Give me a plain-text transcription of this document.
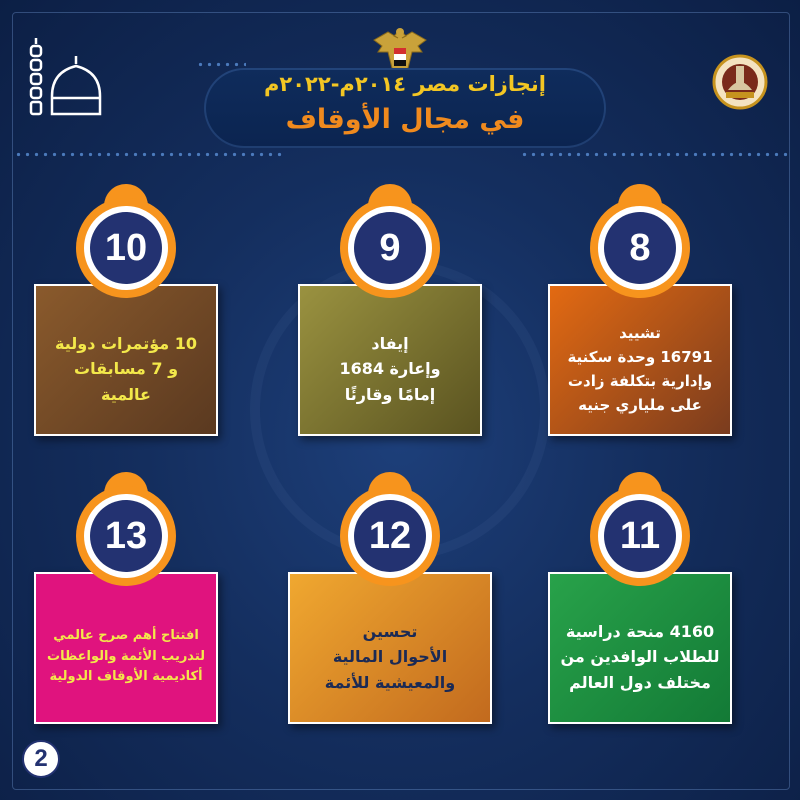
إنجازات مصر ٢٠١٤م-٢٠٢٢م
في مجال الأوقاف
10 مؤتمرات دولية
و 7 مسابقات
عالمية
10
إيفاد
وإعارة 1684
إمامًا وقارئًا
9
تشييد
16791 وحدة سكنية
وإدارية بتكلفة زادت
على ملياري جنيه
8
افتتاح أهم صرح عالمي
لتدريب الأئمة والواعظات
أكاديمية الأوقاف الدولية
13
تحسين
الأحوال المالية
والمعيشية للأئمة
12
4160 منحة دراسية
للطلاب الوافدين من
مختلف دول العالم
11
2
